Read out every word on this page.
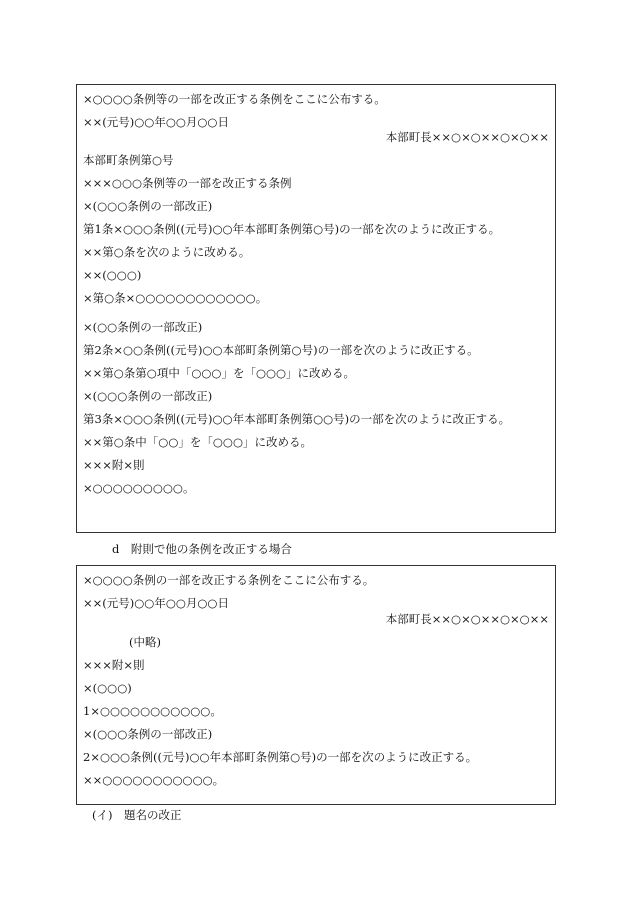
×○○○○条例等の一部を改正する条例をここに公布する。
××(元号)○○年○○月○○日
本部町長××○×○××○×○××
本部町条例第○号
×××○○○条例等の一部を改正する条例
×(○○○条例の一部改正)
第1条×○○○条例((元号)○○年本部町条例第○号)の一部を次のように改正する。
××第○条を次のように改める。
××(○○○)
×第○条×○○○○○○○○○○○○。
×(○○条例の一部改正)
第2条×○○条例((元号)○○本部町条例第○号)の一部を次のように改正する。
××第○条第○項中「○○○」を「○○○」に改める。
×(○○○条例の一部改正)
第3条×○○○条例((元号)○○年本部町条例第○○号)の一部を次のように改正する。
××第○条中「○○」を「○○○」に改める。
×××附×則
×○○○○○○○○○。
d　附則で他の条例を改正する場合
×○○○○条例の一部を改正する条例をここに公布する。
××(元号)○○年○○月○○日
本部町長××○×○××○×○××
(中略)
×××附×則
×(○○○)
1×○○○○○○○○○○○。
×(○○○条例の一部改正)
2×○○○条例((元号)○○年本部町条例第○号)の一部を次のように改正する。
××○○○○○○○○○○○。
(イ)　題名の改正
